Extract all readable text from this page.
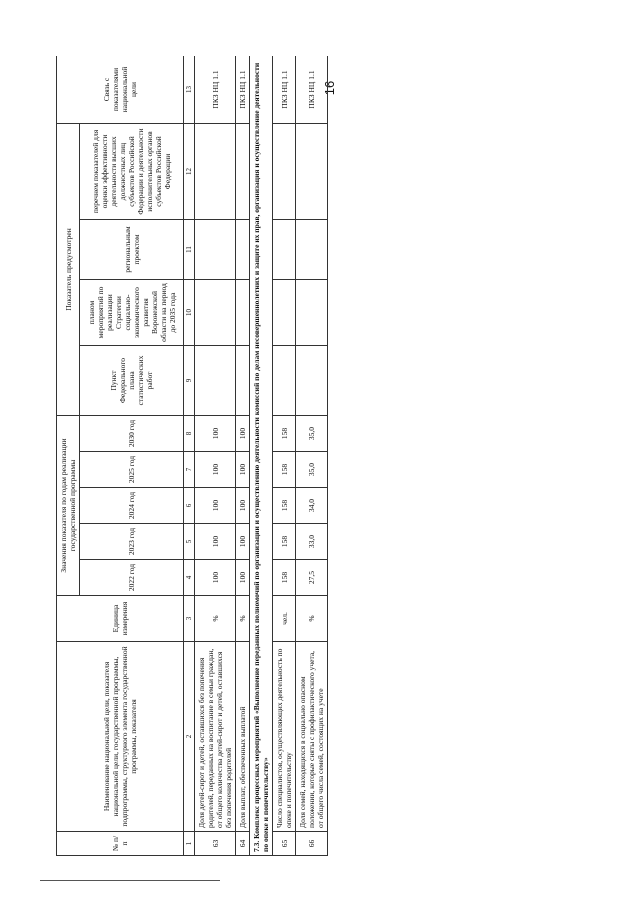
16
№ п/п	Наименование национальной цели, показателя национальной цели, государственной программы, подпрограммы, структурного элемента государственной программы, показателя	Единица измерения	Значения показателя по годам реализации государственной программы					Показатель предусмотрен				Связь с показателями национальной цели
			2022 год	2023 год	2024 год	2025 год	2030 год	Пункт Федерального плана статистических работ	планом мероприятий по реализации Стратегии социально-экономического развития Воронежской области на период до 2035 года	региональным проектом	перечнем показателей для оценки эффективности деятельности высших должностных лиц субъектов Российской Федерации и деятельности исполнительных органов субъектов Российской Федерации	

1	2	3	4	5	6	7	8	9	10	11	12	13
63	Доля детей-сирот и детей, оставшихся без попечения родителей, переданных на воспитание в семьи граждан, от общего количества детей-сирот и детей, оставшихся без попечения родителей	%	100	100	100	100	100					ПКЗ НЦ 1.1
64	Доля выплат, обеспеченных выплатой	%	100	100	100	100	100					ПКЗ НЦ 1.1
7.3. Комплекс процессных мероприятий «Выполнение переданных полномочий по организации и осуществлению деятельности комиссий по делам несовершеннолетних и защите их прав, организация и осуществление деятельности по опеке и попечительству»												
65	Число специалистов, осуществляющих деятельность по опеке и попечительству	чел.	158	158	158	158	158					ПКЗ НЦ 1.1
66	Доля семей, находящихся в социально опасном положении, которые сняты с профилактического учета, от общего числа семей, состоящих на учете	%	27,5	33,0	34,0	35,0	35,0					ПКЗ НЦ 1.1
